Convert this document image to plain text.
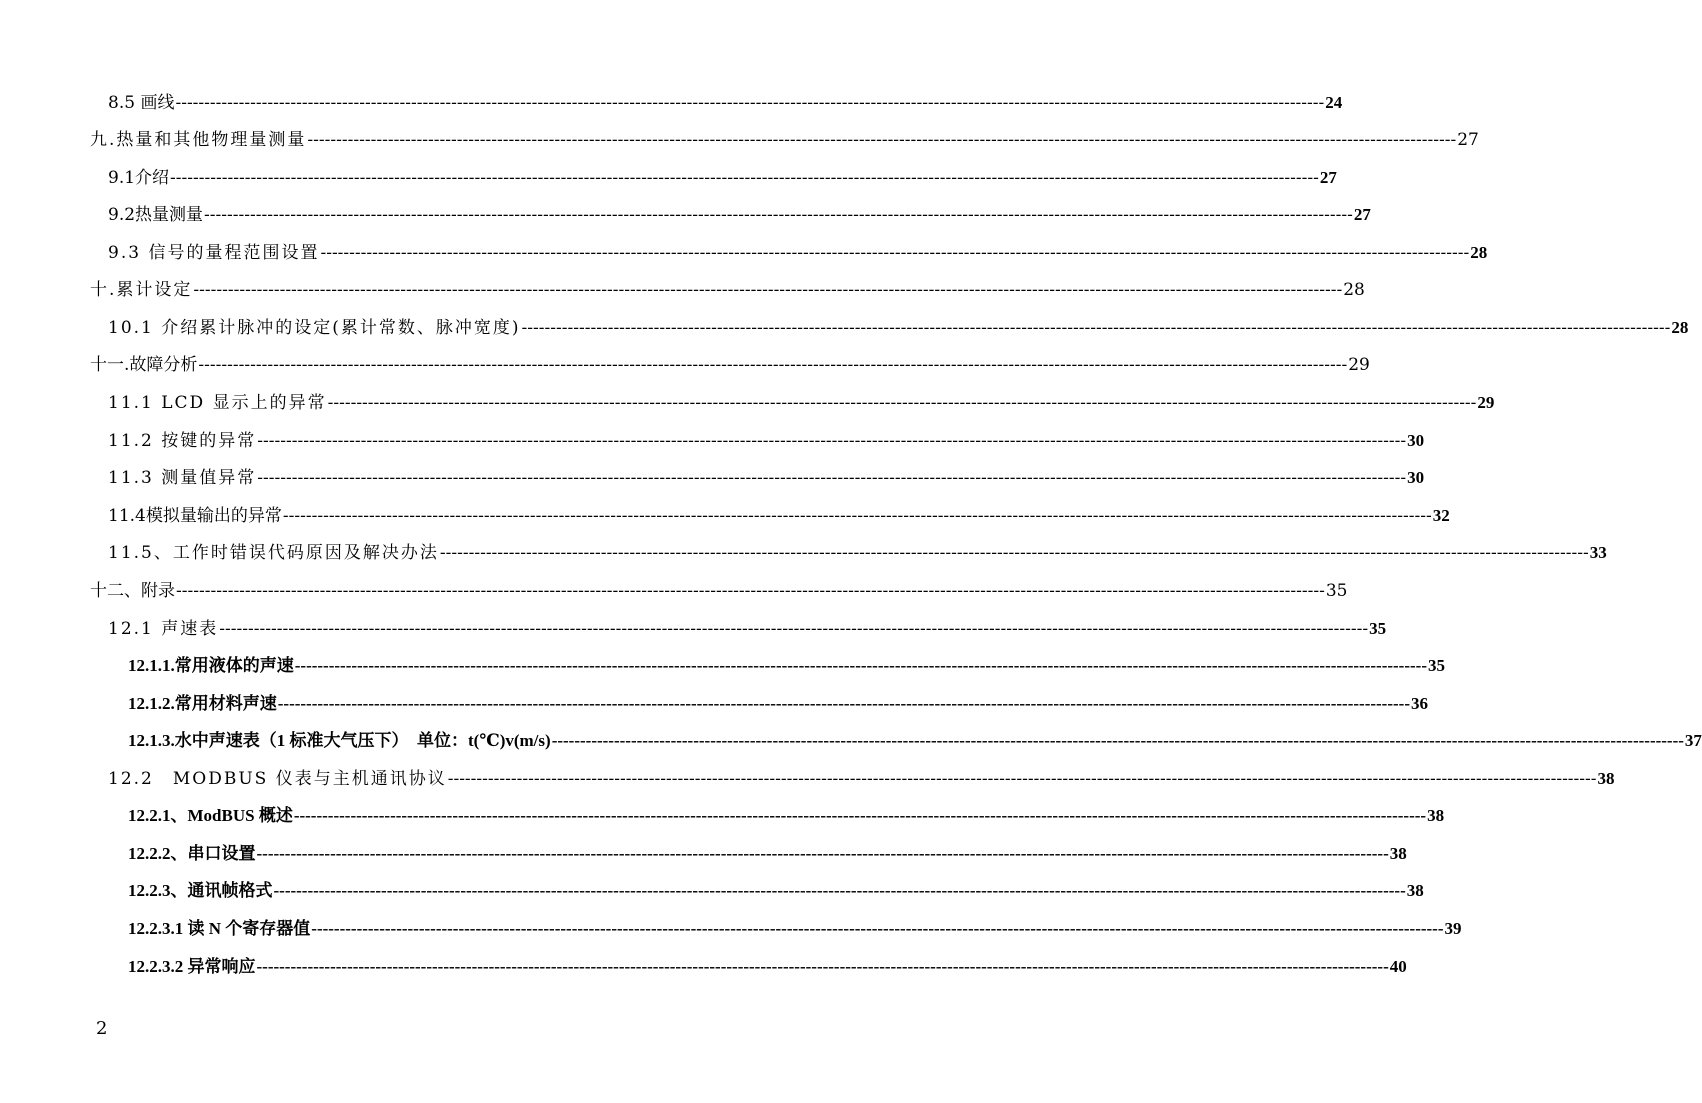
8.5 画线 -------------------------------------------------------------------------------------------------------------------------------------------------------------------------------------------------------- 24
九.热量和其他物理量测量 -------------------------------------------------------------------------------------------------------------------------------------------------------------------------------------------------------- 27
9.1介绍 -------------------------------------------------------------------------------------------------------------------------------------------------------------------------------------------------------- 27
9.2热量测量 -------------------------------------------------------------------------------------------------------------------------------------------------------------------------------------------------------- 27
9.3 信号的量程范围设置 -------------------------------------------------------------------------------------------------------------------------------------------------------------------------------------------------------- 28
十.累计设定 -------------------------------------------------------------------------------------------------------------------------------------------------------------------------------------------------------- 28
10.1 介绍累计脉冲的设定(累计常数、脉冲宽度) -------------------------------------------------------------------------------------------------------------------------------------------------------------------------------------------------------- 28
十一.故障分析 -------------------------------------------------------------------------------------------------------------------------------------------------------------------------------------------------------- 29
11.1 LCD 显示上的异常 -------------------------------------------------------------------------------------------------------------------------------------------------------------------------------------------------------- 29
11.2 按键的异常 -------------------------------------------------------------------------------------------------------------------------------------------------------------------------------------------------------- 30
11.3 测量值异常 -------------------------------------------------------------------------------------------------------------------------------------------------------------------------------------------------------- 30
11.4模拟量输出的异常 -------------------------------------------------------------------------------------------------------------------------------------------------------------------------------------------------------- 32
11.5、工作时错误代码原因及解决办法 -------------------------------------------------------------------------------------------------------------------------------------------------------------------------------------------------------- 33
十二、附录 -------------------------------------------------------------------------------------------------------------------------------------------------------------------------------------------------------- 35
12.1 声速表 -------------------------------------------------------------------------------------------------------------------------------------------------------------------------------------------------------- 35
12.1.1.常用液体的声速 -------------------------------------------------------------------------------------------------------------------------------------------------------------------------------------------------------- 35
12.1.2.常用材料声速 -------------------------------------------------------------------------------------------------------------------------------------------------------------------------------------------------------- 36
12.1.3.水中声速表（1 标准大气压下）　单位：t(℃)v(m/s) -------------------------------------------------------------------------------------------------------------------------------------------------------------------------------------------------------- 37
12.2　MODBUS 仪表与主机通讯协议 -------------------------------------------------------------------------------------------------------------------------------------------------------------------------------------------------------- 38
12.2.1、ModBUS 概述 -------------------------------------------------------------------------------------------------------------------------------------------------------------------------------------------------------- 38
12.2.2、串口设置 -------------------------------------------------------------------------------------------------------------------------------------------------------------------------------------------------------- 38
12.2.3、通讯帧格式 -------------------------------------------------------------------------------------------------------------------------------------------------------------------------------------------------------- 38
12.2.3.1 读 N 个寄存器值 -------------------------------------------------------------------------------------------------------------------------------------------------------------------------------------------------------- 39
12.2.3.2 异常响应 -------------------------------------------------------------------------------------------------------------------------------------------------------------------------------------------------------- 40
2
